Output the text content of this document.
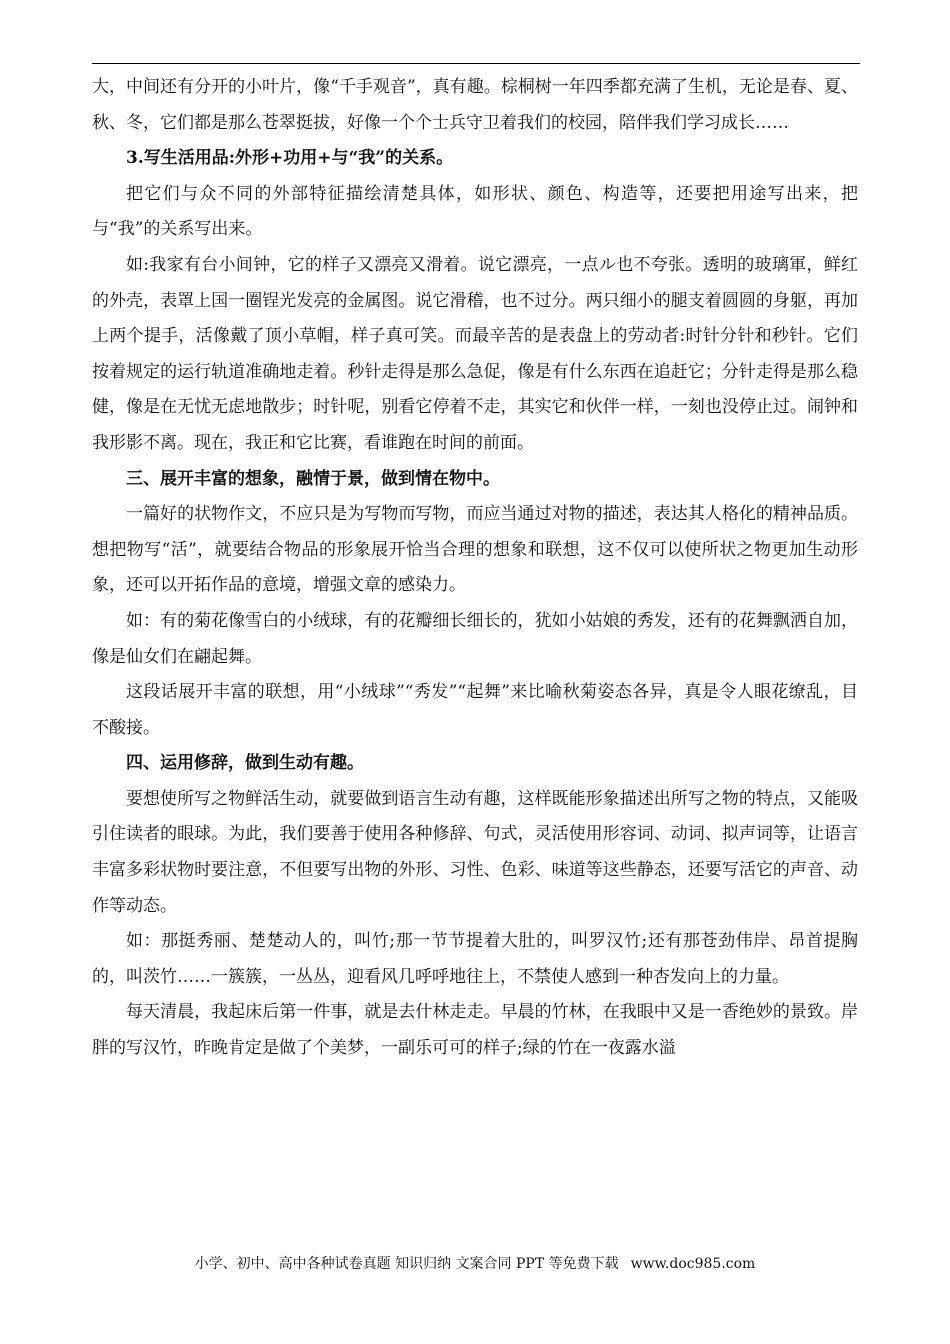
大，中间还有分开的小叶片，像“千手观音”，真有趣。棕桐树一年四季都充满了生机，无论是春、夏、秋、冬，它们都是那么苍翠挺拔，好像一个个士兵守卫着我们的校园，陪伴我们学习成长……

3.写生活用品:外形+功用+与“我”的关系。

把它们与众不同的外部特征描绘清楚具体，如形状、颜色、构造等，还要把用途写出来，把与“我”的关系写出来。

如:我家有台小间钟，它的样子又漂亮又滑着。说它漂亮，一点ル也不夸张。透明的玻璃軍，鲜红的外壳，表罩上国一圈锃光发亮的金属图。说它滑稽，也不过分。两只细小的腿支着圆圆的身躯，再加上两个提手，活像戴了顶小草帽，样子真可笑。而最辛苦的是表盘上的劳动者:时针分针和秒针。它们按着规定的运行轨道准确地走着。秒针走得是那么急促，像是有什么东西在追赶它；分针走得是那么稳健，像是在无忧无虑地散步；时针呢，别看它停着不走，其实它和伙伴一样，一刻也没停止过。闹钟和我形影不离。现在，我正和它比赛，看谁跑在时间的前面。

三、展开丰富的想象，融情于景，做到情在物中。

一篇好的状物作文，不应只是为写物而写物，而应当通过对物的描述，表达其人格化的精神品质。想把物写“活”，就要结合物品的形象展开恰当合理的想象和联想，这不仅可以使所状之物更加生动形象，还可以开拓作品的意境，增强文章的感染力。

如：有的菊花像雪白的小绒球，有的花瓣细长细长的，犹如小姑娘的秀发，还有的花舞飘洒自加，像是仙女们在翩起舞。

这段话展开丰富的联想，用“小绒球”“秀发”“起舞”来比喻秋菊姿态各异，真是令人眼花缭乱，目不酸接。

四、运用修辞，做到生动有趣。

要想使所写之物鲜活生动，就要做到语言生动有趣，这样既能形象描述出所写之物的特点，又能吸引住读者的眼球。为此，我们要善于使用各种修辞、句式，灵活使用形容词、动词、拟声词等，让语言丰富多彩状物时要注意，不但要写出物的外形、习性、色彩、味道等这些静态，还要写活它的声音、动作等动态。

如：那挺秀丽、楚楚动人的，叫竹;那一节节提着大肚的，叫罗汉竹;还有那苍劲伟岸、昂首提胸的，叫茨竹……一簇簇，一丛丛，迎看风几呼呼地往上，不禁使人感到一种杏发向上的力量。

每天清晨，我起床后第一件事，就是去什林走走。早晨的竹林，在我眼中又是一香绝妙的景致。岸胖的写汉竹，昨晚肯定是做了个美梦，一副乐可可的样子;绿的竹在一夜露水溢

小学、初中、高中各种试卷真题 知识归纳 文案合同 PPT 等免费下载 www.doc985.com
